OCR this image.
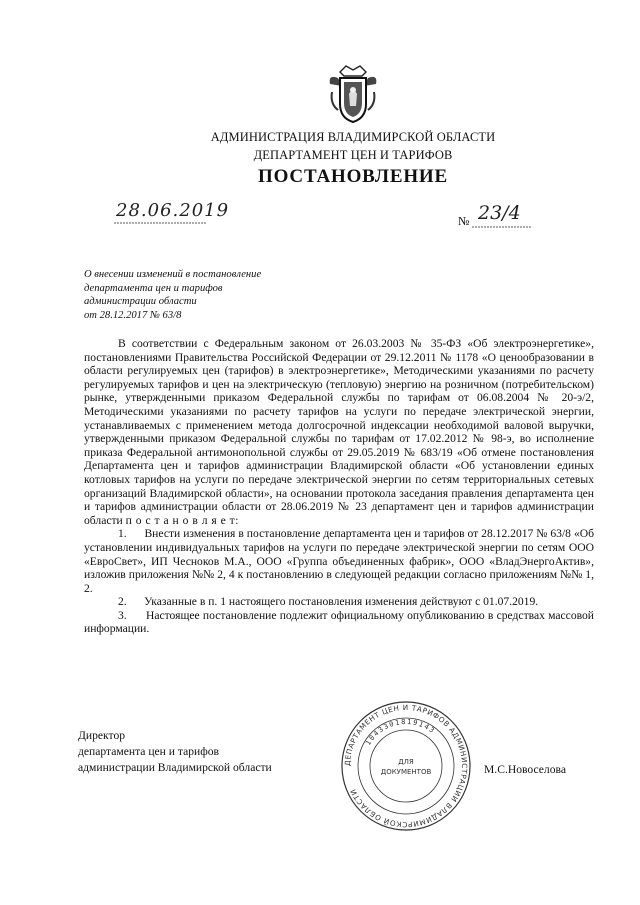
АДМИНИСТРАЦИЯ ВЛАДИМИРСКОЙ ОБЛАСТИ
ДЕПАРТАМЕНТ ЦЕН И ТАРИФОВ
ПОСТАНОВЛЕНИЕ
28.06.2019	№ 23/4
О внесении изменений в постановление
департамента цен и тарифов
администрации области
от 28.12.2017 № 63/8

В соответствии с Федеральным законом от 26.03.2003 № 35-ФЗ «Об электроэнергетике», постановлениями Правительства Российской Федерации от 29.12.2011 № 1178 «О ценообразовании в области регулируемых цен (тарифов) в электроэнергетике», Методическими указаниями по расчету регулируемых тарифов и цен на электрическую (тепловую) энергию на розничном (потребительском) рынке, утвержденными приказом Федеральной службы по тарифам от 06.08.2004 № 20-э/2, Методическими указаниями по расчету тарифов на услуги по передаче электрической энергии, устанавливаемых с применением метода долгосрочной индексации необходимой валовой выручки, утвержденными приказом Федеральной службы по тарифам от 17.02.2012 № 98-э, во исполнение приказа Федеральной антимонопольной службы от 29.05.2019 № 683/19 «Об отмене постановления Департамента цен и тарифов администрации Владимирской области «Об установлении единых котловых тарифов на услуги по передаче электрической энергии по сетям территориальных сетевых организаций Владимирской области», на основании протокола заседания правления департамента цен и тарифов администрации области от 28.06.2019 № 23 департамент цен и тарифов администрации области п о с т а н о в л я е т:

1. Внести изменения в постановление департамента цен и тарифов от 28.12.2017 № 63/8 «Об установлении индивидуальных тарифов на услуги по передаче электрической энергии по сетям ООО «ЕвроСвет», ИП Чесноков М.А., ООО «Группа объединенных фабрик», ООО «ВладЭнергоАктив», изложив приложения №№ 2, 4 к постановлению в следующей редакции согласно приложениям №№ 1, 2.

2. Указанные в п. 1 настоящего постановления изменения действуют с 01.07.2019.

3. Настоящее постановление подлежит официальному опубликованию в средствах массовой информации.

Директор
департамента цен и тарифов
администрации Владимирской области	М.С.Новоселова
ДЕПАРТАМЕНТ ЦЕН И ТАРИФОВ АДМИНИСТРАЦИИ ВЛАДИМИРСКОЙ ОБЛАСТИ
1043301819143
ДЛЯ
ДОКУМЕНТОВ
